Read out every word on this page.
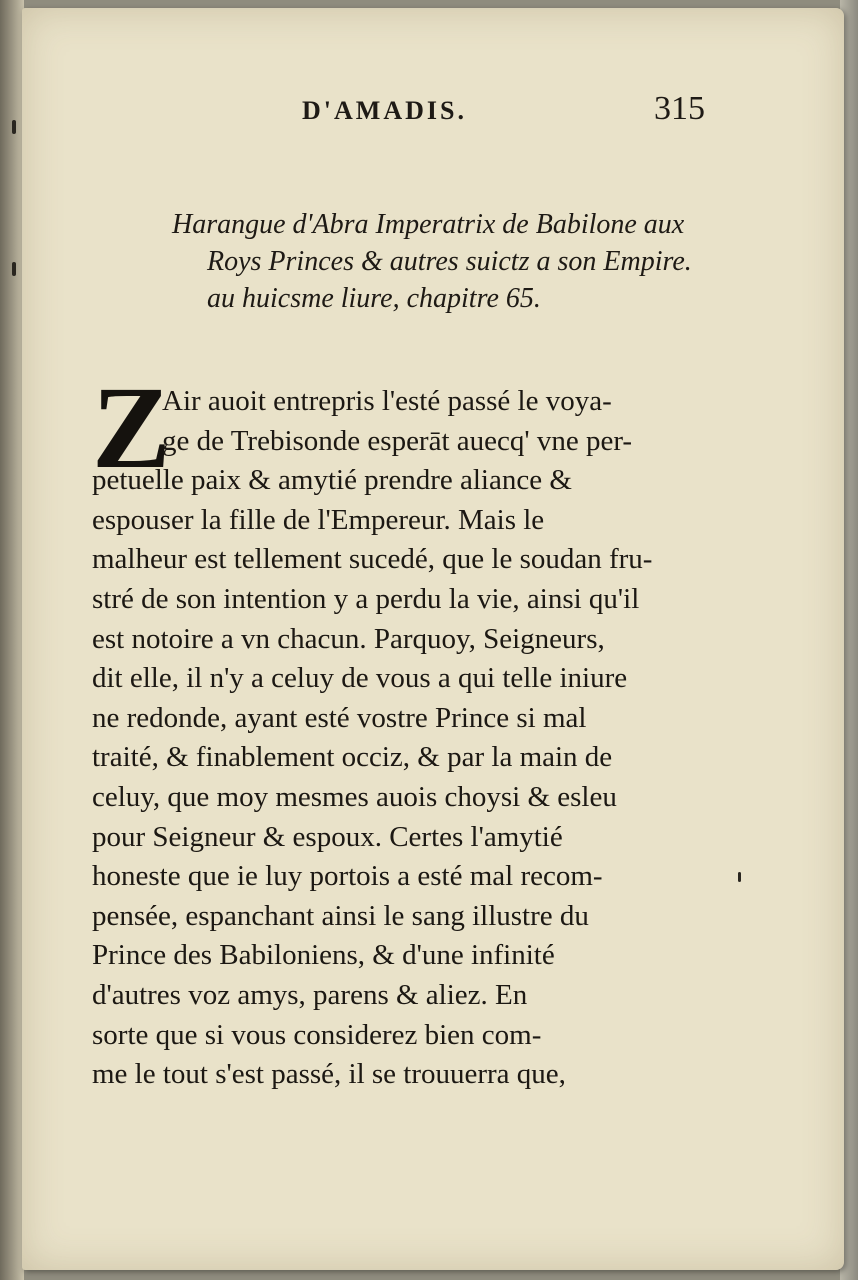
D'AMADIS.	315
Harangue d'Abra Imperatrix de Babilone aux
Roys Princes & autres suictz a son Empire.
au huicsme liure, chapitre 65.
Z
Air auoit entrepris l'esté passé le voya-
ge de Trebisonde esperāt auecq' vne per-
petuelle paix & amytié prendre aliance &
espouser la fille de l'Empereur. Mais le
malheur est tellement sucedé, que le soudan fru-
stré de son intention y a perdu la vie, ainsi qu'il
est notoire a vn chacun. Parquoy, Seigneurs,
dit elle, il n'y a celuy de vous a qui telle iniure
ne redonde, ayant esté vostre Prince si mal
traité, & finablement occiz, & par la main de
celuy, que moy mesmes auois choysi & esleu
pour Seigneur & espoux. Certes l'amytié
honeste que ie luy portois a esté mal recom-
pensée, espanchant ainsi le sang illustre du
Prince des Babiloniens, & d'une infinité
d'autres voz amys, parens & aliez. En
sorte que si vous considerez bien com-
me le tout s'est passé, il se trouuerra que,
